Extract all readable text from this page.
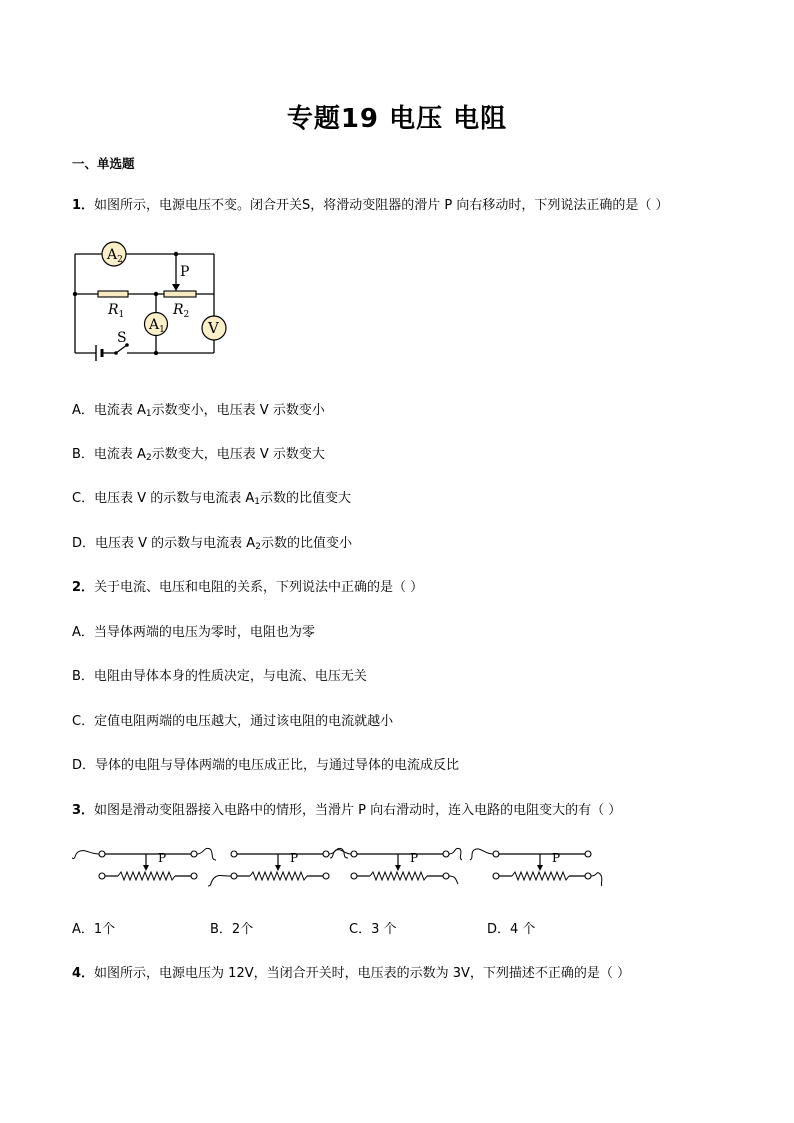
专题19 电压 电阻
一、单选题
1．如图所示，电源电压不变。闭合开关S，将滑动变阻器的滑片 P 向右移动时，下列说法正确的是（ ）
$A_2$
$A_1$	V
P
$R_1$	$R_2$
S
A．电流表 $A_1$示数变小，电压表 V 示数变小
B．电流表 $A_2$示数变大，电压表 V 示数变大
C．电压表 V 的示数与电流表 $A_1$示数的比值变大
D．电压表 V 的示数与电流表 $A_2$示数的比值变小
2．关于电流、电压和电阻的关系，下列说法中正确的是（ ）
A．当导体两端的电压为零时，电阻也为零
B．电阻由导体本身的性质决定，与电流、电压无关
C．定值电阻两端的电压越大，通过该电阻的电流就越小
D．导体的电阻与导体两端的电压成正比，与通过导体的电流成反比
3．如图是滑动变阻器接入电路中的情形，当滑片 P 向右滑动时，连入电路的电阻变大的有（ ）
P	P	P	P
A．1个	B．2个	C．3 个	D．4 个
4．如图所示，电源电压为 12V，当闭合开关时，电压表的示数为 3V，下列描述不正确的是（ ）
